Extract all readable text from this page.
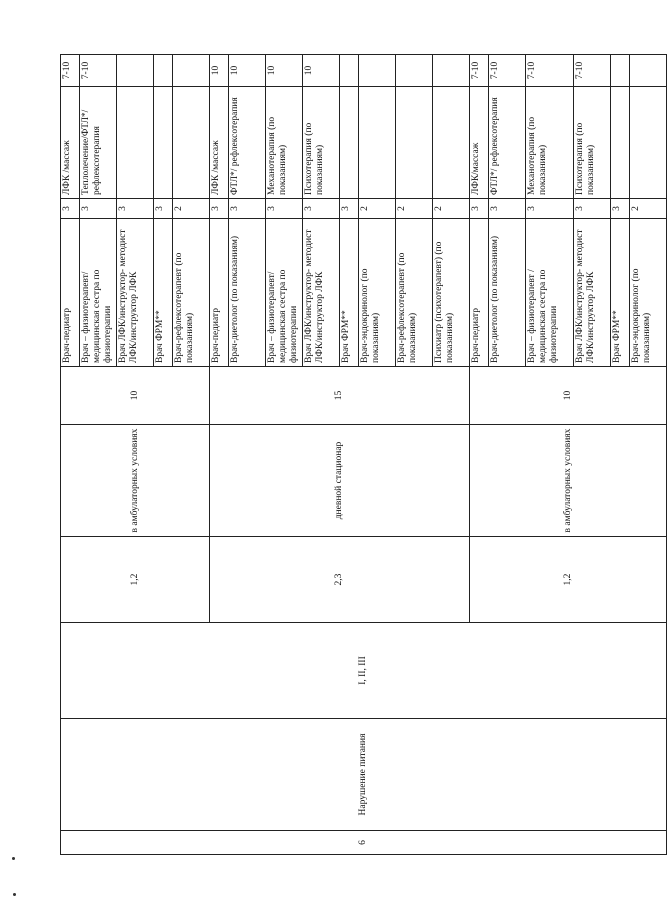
6	Нарушение питания	I, II, III	1,2	в амбулаторных условиях	10	Врач-педиатр	3	ЛФК /массаж	7-10
						Врач – физиотерапевт/ медицинская сестра по физиотерапии	3	Теплолечение/ФТЛ*/ рефлексотерапия	7-10
						Врач ЛФК/инструктор- методист ЛФК/инструктор ЛФК	3		
						Врач ФРМ**	3		
						Врач-рефлексотерапевт (по показаниям)	2		
			2,3	дневной стационар	15	Врач-педиатр	3	ЛФК /массаж	10
						Врач-диетолог (по показаниям)	3	ФТЛ*/ рефлексотерапия	10
						Врач – физиотерапевт/ медицинская сестра по физиотерапии	3	Механотерапия (по показаниям)	10
						Врач ЛФК/инструктор- методист ЛФК/инструктор ЛФК	3	Психотерапия (по показаниям)	10
						Врач ФРМ**	3		
						Врач-эндокринолог (по показаниям)	2		
						Врач-рефлексотерапевт (по показаниям)	2		
						Психиатр (психотерапевт) (по показаниям)	2		
			1,2	в амбулаторных условиях	10	Врач-педиатр	3	ЛФК/массаж	7-10
						Врач-диетолог (по показаниям)	3	ФТЛ*/ рефлексотерапия	7-10
						Врач – физиотерапевт / медицинская сестра по физиотерапии	3	Механотерапия (по показаниям)	7-10
						Врач ЛФК/инструктор- методист ЛФК/инструктор ЛФК	3	Психотерапия (по показаниям)	7-10
						Врач ФРМ**	3		
						Врач-эндокринолог (по показаниям)	2		
